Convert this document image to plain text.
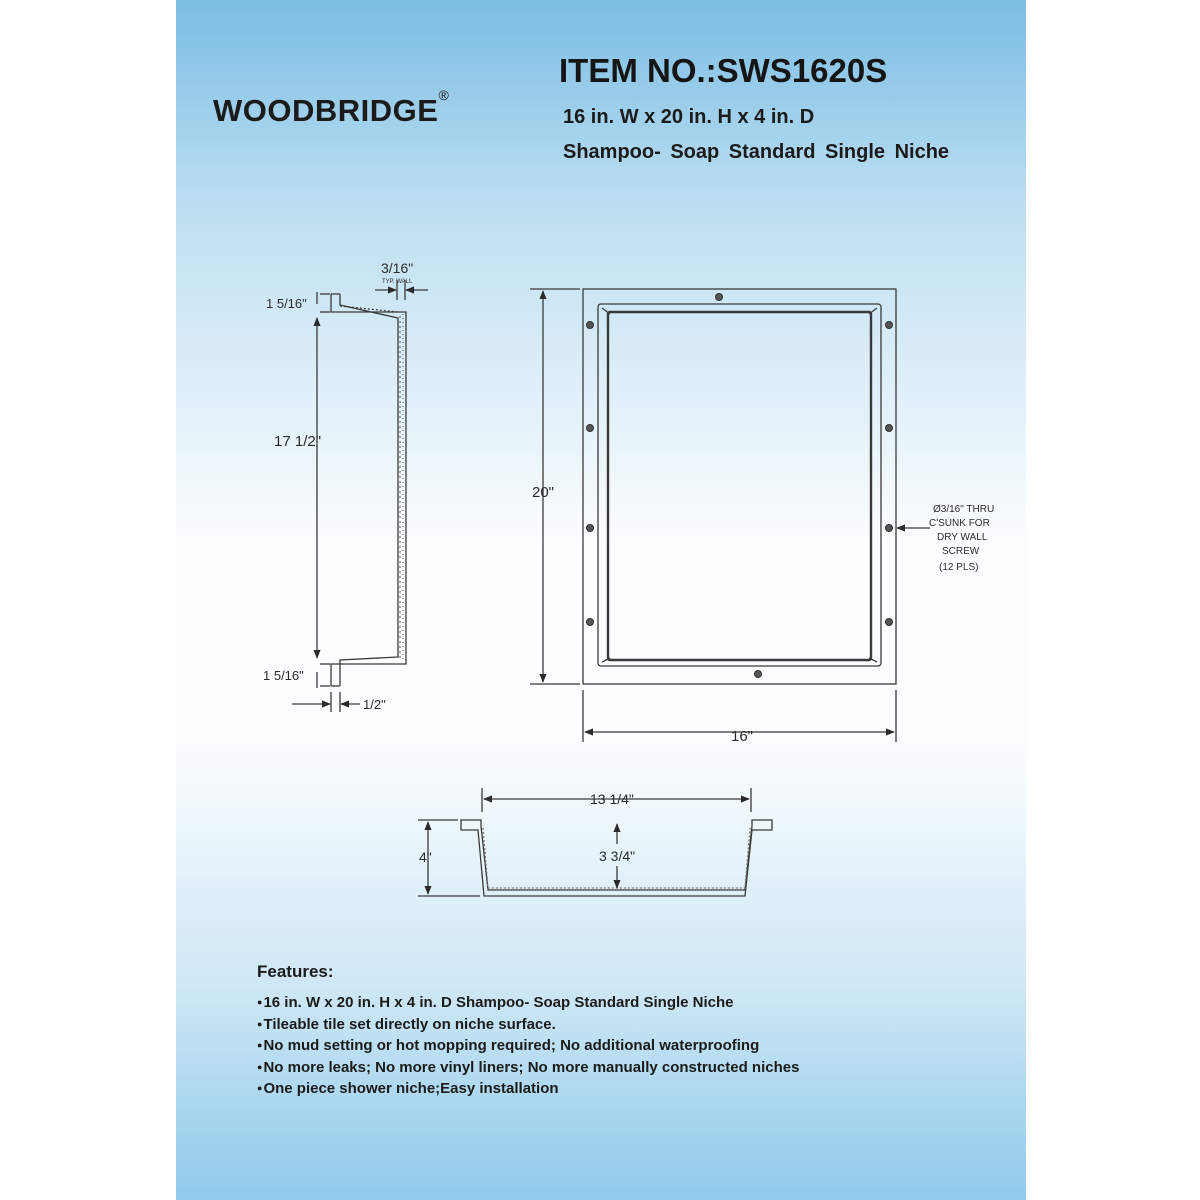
WOODBRIDGE®
ITEM NO.:SWS1620S
16 in. W x 20 in. H x 4 in. D
Shampoo- Soap Standard Single Niche
3/16"
TYP. WALL
1 5/16"
17 1/2"
1 5/16"
1/2"
20"
16"
Ø3/16" THRU C'SUNK FOR DRY WALL SCREW (12 PLS)
13 1/4"
4"	3 3/4"
Features:
● 16 in. W x 20 in. H x 4 in. D Shampoo- Soap Standard Single Niche
● Tileable tile set directly on niche surface.
● No mud setting or hot mopping required; No additional waterproofing
● No more leaks; No more vinyl liners; No more manually constructed niches
● One piece shower niche;Easy installation
